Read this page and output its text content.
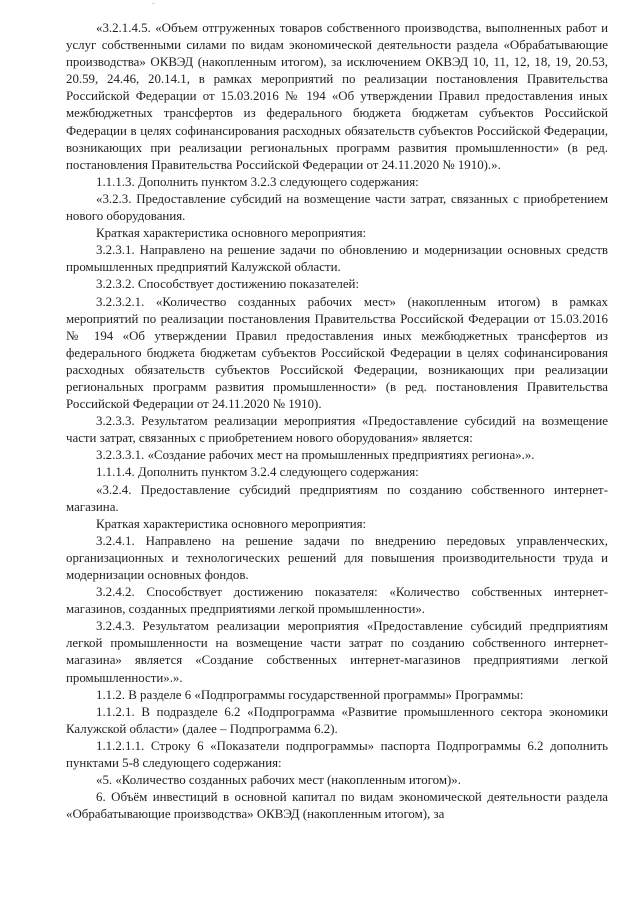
«3.2.1.4.5. «Объем отгруженных товаров собственного производства, выполненных работ и услуг собственными силами по видам экономической деятельности раздела «Обрабатывающие производства» ОКВЭД (накопленным итогом), за исключением ОКВЭД 10, 11, 12, 18, 19, 20.53, 20.59, 24.46, 20.14.1, в рамках мероприятий по реализации постановления Правительства Российской Федерации от 15.03.2016 № 194 «Об утверждении Правил предоставления иных межбюджетных трансфертов из федерального бюджета бюджетам субъектов Российской Федерации в целях софинансирования расходных обязательств субъектов Российской Федерации, возникающих при реализации региональных программ развития промышленности» (в ред. постановления Правительства Российской Федерации от 24.11.2020 № 1910).».

1.1.1.3. Дополнить пунктом 3.2.3 следующего содержания:

«3.2.3. Предоставление субсидий на возмещение части затрат, связанных с приобретением нового оборудования.

Краткая характеристика основного мероприятия:

3.2.3.1. Направлено на решение задачи по обновлению и модернизации основных средств промышленных предприятий Калужской области.

3.2.3.2. Способствует достижению показателей:

3.2.3.2.1. «Количество созданных рабочих мест» (накопленным итогом) в рамках мероприятий по реализации постановления Правительства Российской Федерации от 15.03.2016 № 194 «Об утверждении Правил предоставления иных межбюджетных трансфертов из федерального бюджета бюджетам субъектов Российской Федерации в целях софинансирования расходных обязательств субъектов Российской Федерации, возникающих при реализации региональных программ развития промышленности» (в ред. постановления Правительства Российской Федерации от 24.11.2020 № 1910).

3.2.3.3. Результатом реализации мероприятия «Предоставление субсидий на возмещение части затрат, связанных с приобретением нового оборудования» является:

3.2.3.3.1. «Создание рабочих мест на промышленных предприятиях региона».».

1.1.1.4. Дополнить пунктом 3.2.4 следующего содержания:

«3.2.4. Предоставление субсидий предприятиям по созданию собственного интернет-магазина.

Краткая характеристика основного мероприятия:

3.2.4.1. Направлено на решение задачи по внедрению передовых управленческих, организационных и технологических решений для повышения производительности труда и модернизации основных фондов.

3.2.4.2. Способствует достижению показателя: «Количество собственных интернет-магазинов, созданных предприятиями легкой промышленности».

3.2.4.3. Результатом реализации мероприятия «Предоставление субсидий предприятиям легкой промышленности на возмещение части затрат по созданию собственного интернет-магазина» является «Создание собственных интернет-магазинов предприятиями легкой промышленности».».

1.1.2. В разделе 6 «Подпрограммы государственной программы» Программы:

1.1.2.1. В подразделе 6.2 «Подпрограмма «Развитие промышленного сектора экономики Калужской области» (далее – Подпрограмма 6.2).

1.1.2.1.1. Строку 6 «Показатели подпрограммы» паспорта Подпрограммы 6.2 дополнить пунктами 5-8 следующего содержания:

«5. «Количество созданных рабочих мест (накопленным итогом)».

6. Объём инвестиций в основной капитал по видам экономической деятельности раздела «Обрабатывающие производства» ОКВЭД (накопленным итогом), за
